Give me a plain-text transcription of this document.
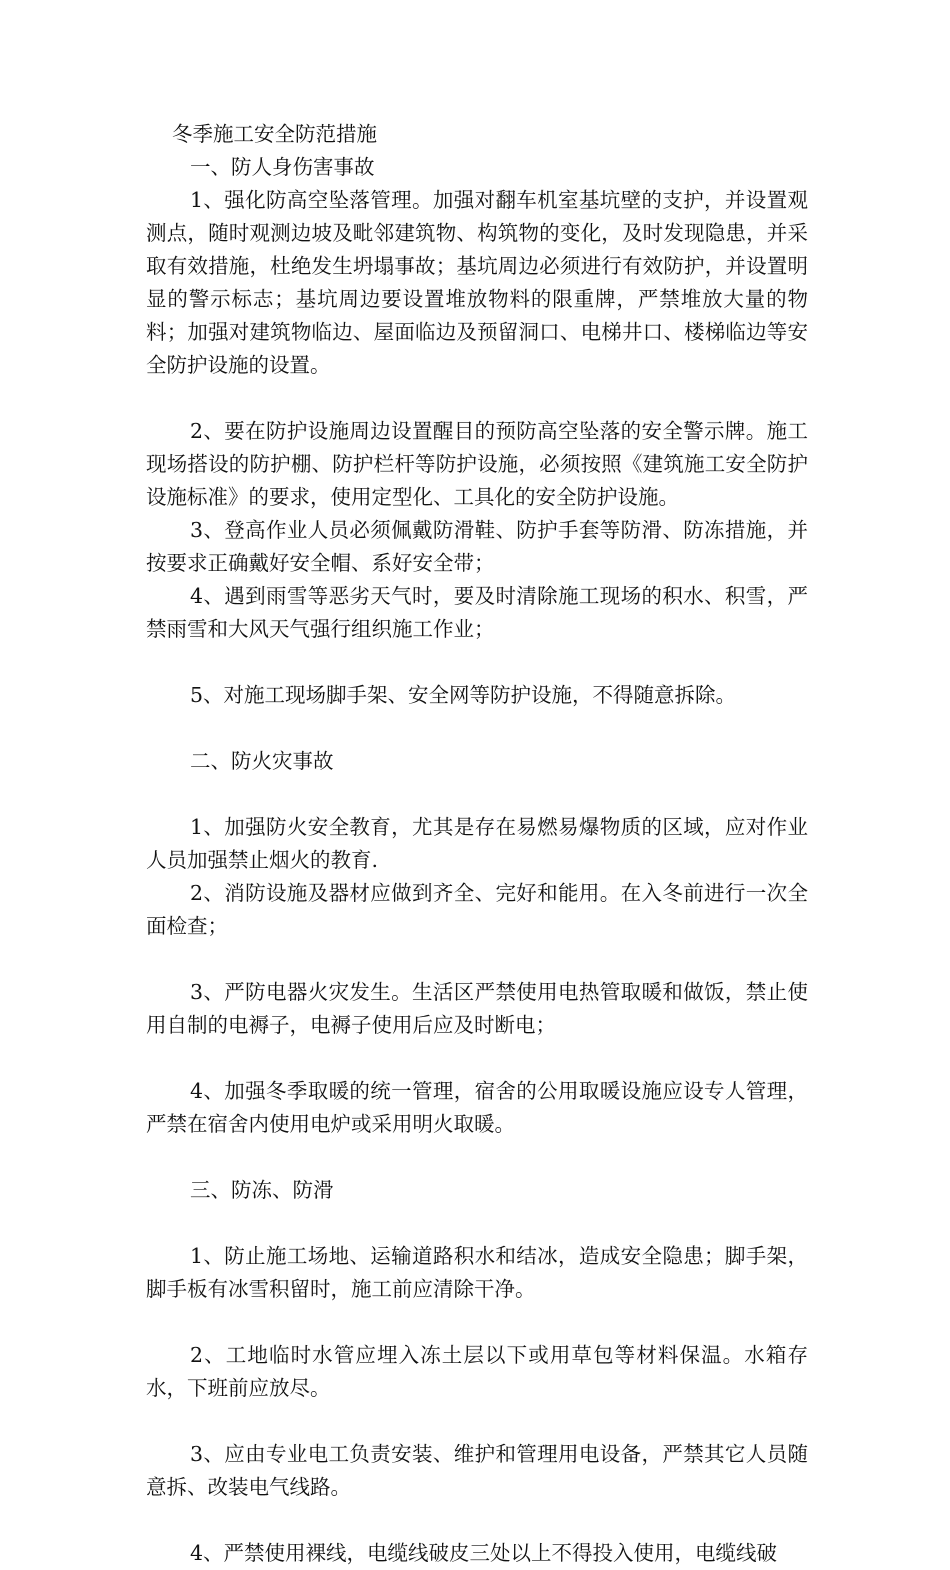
冬季施工安全防范措施

一、防人身伤害事故

1、强化防高空坠落管理。加强对翻车机室基坑壁的支护，并设置观测点，随时观测边坡及毗邻建筑物、构筑物的变化，及时发现隐患，并采取有效措施，杜绝发生坍塌事故；基坑周边必须进行有效防护，并设置明显的警示标志；基坑周边要设置堆放物料的限重牌，严禁堆放大量的物料；加强对建筑物临边、屋面临边及预留洞口、电梯井口、楼梯临边等安全防护设施的设置。

2、要在防护设施周边设置醒目的预防高空坠落的安全警示牌。施工现场搭设的防护棚、防护栏杆等防护设施，必须按照《建筑施工安全防护设施标准》的要求，使用定型化、工具化的安全防护设施。

3、登高作业人员必须佩戴防滑鞋、防护手套等防滑、防冻措施，并按要求正确戴好安全帽、系好安全带；

4、遇到雨雪等恶劣天气时，要及时清除施工现场的积水、积雪，严禁雨雪和大风天气强行组织施工作业；

5、对施工现场脚手架、安全网等防护设施，不得随意拆除。

二、防火灾事故

1、加强防火安全教育，尤其是存在易燃易爆物质的区域，应对作业人员加强禁止烟火的教育.

2、消防设施及器材应做到齐全、完好和能用。在入冬前进行一次全面检查；

3、严防电器火灾发生。生活区严禁使用电热管取暖和做饭，禁止使用自制的电褥子，电褥子使用后应及时断电；

4、加强冬季取暖的统一管理，宿舍的公用取暖设施应设专人管理，严禁在宿舍内使用电炉或采用明火取暖。

三、防冻、防滑

1、防止施工场地、运输道路积水和结冰，造成安全隐患；脚手架，脚手板有冰雪积留时，施工前应清除干净。

2、工地临时水管应埋入冻土层以下或用草包等材料保温。水箱存水，下班前应放尽。

3、应由专业电工负责安装、维护和管理用电设备，严禁其它人员随意拆、改装电气线路。

4、严禁使用裸线，电缆线破皮三处以上不得投入使用，电缆线破
